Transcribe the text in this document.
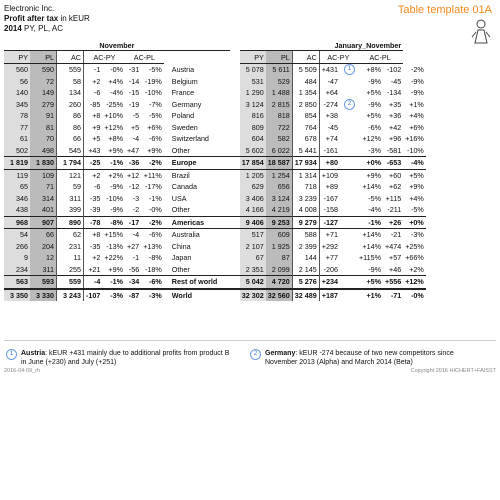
Electronic Inc.
Profit after tax in kEUR
2014 PY, PL, AC
Table template 01A
November									January_November							
PY	PL	AC	AC-PY		AC-PL				PY	PL	AC	AC-PY		AC-PL		
560	590	559	-1	-0%	-31	-5%	Austria		5 078	5 611	5 509	+431	1	+8%	-102	-2%
56	72	58	+2	+4%	-14	-19%	Belgium		531	529	484	-47		-9%	-45	-9%
140	149	134	-6	-4%	-15	-10%	France		1 290	1 488	1 354	+64		+5%	-134	-9%
345	279	260	-85	-25%	-19	-7%	Germany		3 124	2 815	2 850	-274	2	-9%	+35	+1%
78	91	86	+8	+10%	-5	-5%	Poland		816	818	854	+38		+5%	+36	+4%
77	81	86	+9	+12%	+5	+6%	Sweden		809	722	764	-45		-6%	+42	+6%
61	70	66	+5	+8%	-4	-6%	Switzerland		604	582	678	+74		+12%	+96	+16%
502	498	545	+43	+9%	+47	+9%	Other		5 602	6 022	5 441	-161		-3%	-581	-10%
1 819	1 830	1 794	-25	-1%	-36	-2%	Europe		17 854	18 587	17 934	+80		+0%	-653	-4%
119	109	121	+2	+2%	+12	+11%	Brazil		1 205	1 254	1 314	+109		+9%	+60	+5%
65	71	59	-6	-9%	-12	-17%	Canada		629	656	718	+89		+14%	+62	+9%
346	314	311	-35	-10%	-3	-1%	USA		3 406	3 124	3 239	-167		-5%	+115	+4%
438	401	399	-39	-9%	-2	-0%	Other		4 166	4 219	4 008	-158		-4%	-211	-5%
968	907	890	-78	-8%	-17	-2%	Americas		9 406	9 253	9 279	-127		-1%	+26	+0%
54	66	62	+8	+15%	-4	-6%	Australia		517	609	588	+71		+14%	-21	-3%
266	204	231	-35	-13%	+27	+13%	China		2 107	1 925	2 399	+292		+14%	+474	+25%
9	12	11	+2	+22%	-1	-8%	Japan		67	87	144	+77		+115%	+57	+66%
234	311	255	+21	+9%	-56	-18%	Other		2 351	2 099	2 145	-206		-9%	+46	+2%
563	593	559	-4	-1%	-34	-6%	Rest of world		5 042	4 720	5 276	+234		+5%	+556	+12%
3 350	3 330	3 243	-107	-3%	-87	-3%	World		32 302	32 560	32 489	+187		+1%	-71	-0%
1	Austria: kEUR +431 mainly due to additional profits from product B in June (+230) and July (+251)
2	Germany: kEUR -274 because of two new competitors since November 2013 (Alpha) and March 2014 (Beta)
2016-04-09_rh	Copyright 2016 HICHERT+FAISST
